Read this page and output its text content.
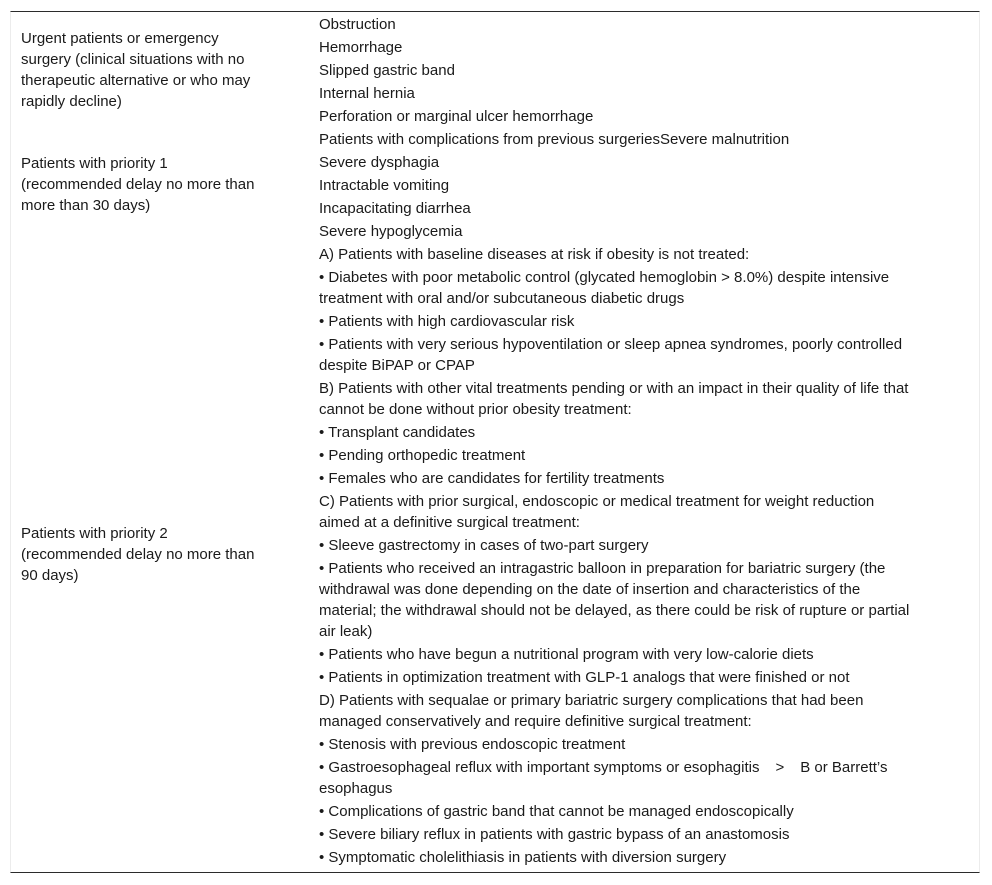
Urgent patients or emergency
surgery (clinical situations with no
therapeutic alternative or who may
rapidly decline)
Patients with priority 1
(recommended delay no more than
more than 30 days)
Patients with priority 2
(recommended delay no more than
90 days)
Obstruction
Hemorrhage
Slipped gastric band
Internal hernia
Perforation or marginal ulcer hemorrhage
Patients with complications from previous surgeriesSevere malnutrition
Severe dysphagia
Intractable vomiting
Incapacitating diarrhea
Severe hypoglycemia
A) Patients with baseline diseases at risk if obesity is not treated:
• Diabetes with poor metabolic control (glycated hemoglobin > 8.0%) despite intensive
treatment with oral and/or subcutaneous diabetic drugs
• Patients with high cardiovascular risk
• Patients with very serious hypoventilation or sleep apnea syndromes, poorly controlled
despite BiPAP or CPAP
B) Patients with other vital treatments pending or with an impact in their quality of life that
cannot be done without prior obesity treatment:
• Transplant candidates
• Pending orthopedic treatment
• Females who are candidates for fertility treatments
C) Patients with prior surgical, endoscopic or medical treatment for weight reduction
aimed at a definitive surgical treatment:
• Sleeve gastrectomy in cases of two-part surgery
• Patients who received an intragastric balloon in preparation for bariatric surgery (the
withdrawal was done depending on the date of insertion and characteristics of the
material; the withdrawal should not be delayed, as there could be risk of rupture or partial
air leak)
• Patients who have begun a nutritional program with very low-calorie diets
• Patients in optimization treatment with GLP-1 analogs that were finished or not
D) Patients with sequalae or primary bariatric surgery complications that had been
managed conservatively and require definitive surgical treatment:
• Stenosis with previous endoscopic treatment
• Gastroesophageal reflux with important symptoms or esophagitis > B or Barrett’s
esophagus
• Complications of gastric band that cannot be managed endoscopically
• Severe biliary reflux in patients with gastric bypass of an anastomosis
• Symptomatic cholelithiasis in patients with diversion surgery
